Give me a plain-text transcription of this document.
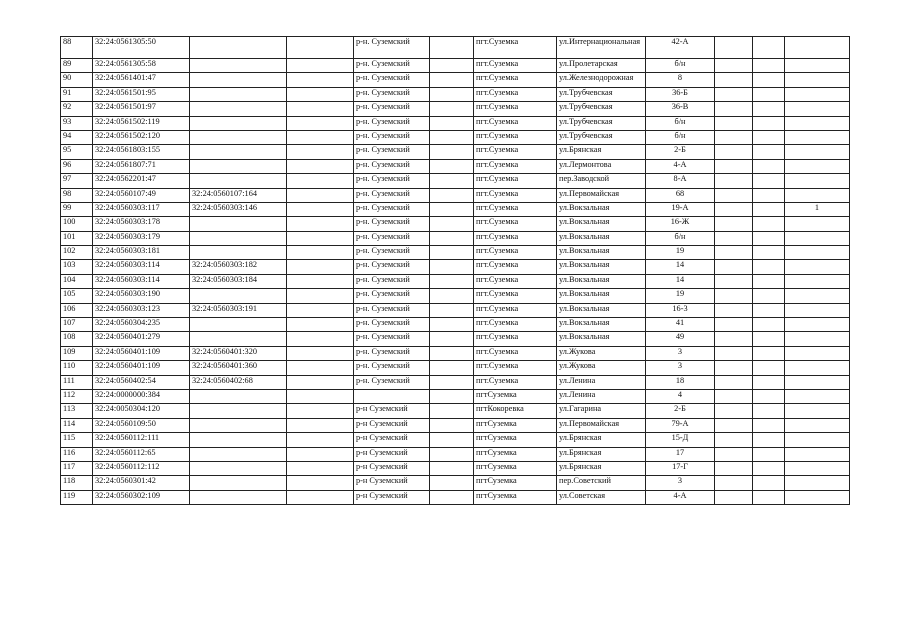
88	32:24:0561305:50			р-н. Суземский		пгт.Суземка	ул.Интернациональная	42-А			
89	32:24:0561305:58			р-н. Суземский		пгт.Суземка	ул.Пролетарская	б/н			
90	32:24:0561401:47			р-н. Суземский		пгт.Суземка	ул.Железнодорожная	8			
91	32:24:0561501:95			р-н. Суземский		пгт.Суземка	ул.Трубчевская	36-Б			
92	32:24:0561501:97			р-н. Суземский		пгт.Суземка	ул.Трубчевская	36-В			
93	32:24:0561502:119			р-н. Суземский		пгт.Суземка	ул.Трубчевская	б/н			
94	32:24:0561502:120			р-н. Суземский		пгт.Суземка	ул.Трубчевская	б/н			
95	32:24:0561803:155			р-н. Суземский		пгт.Суземка	ул.Брянская	2-Б			
96	32:24:0561807:71			р-н. Суземский		пгт.Суземка	ул.Лермонтова	4-А			
97	32:24:0562201:47			р-н. Суземский		пгт.Суземка	пер.Заводской	8-А			
98	32:24:0560107:49	32:24:0560107:164		р-н. Суземский		пгт.Суземка	ул.Первомайская	68			
99	32:24:0560303:117	32:24:0560303:146		р-н. Суземский		пгт.Суземка	ул.Вокзальная	19-А			1
100	32:24:0560303:178			р-н. Суземский		пгт.Суземка	ул.Вокзальная	16-Ж			
101	32:24:0560303:179			р-н. Суземский		пгт.Суземка	ул.Вокзальная	б/н			
102	32:24:0560303:181			р-н. Суземский		пгт.Суземка	ул.Вокзальная	19			
103	32:24:0560303:114	32:24:0560303:182		р-н. Суземский		пгт.Суземка	ул.Вокзальная	14			
104	32:24:0560303:114	32:24:0560303:184		р-н. Суземский		пгт.Суземка	ул.Вокзальная	14			
105	32:24:0560303:190			р-н. Суземский		пгт.Суземка	ул.Вокзальная	19			
106	32:24:0560303:123	32:24:0560303:191		р-н. Суземский		пгт.Суземка	ул.Вокзальная	16-3			
107	32:24:0560304:235			р-н. Суземский		пгт.Суземка	ул.Вокзальная	41			
108	32:24:0560401:279			р-н. Суземский		пгт.Суземка	ул.Вокзальная	49			
109	32:24:0560401:109	32:24:0560401:320		р-н. Суземский		пгт.Суземка	ул.Жукова	3			
110	32:24:0560401:109	32:24:0560401:360		р-н. Суземский		пгт.Суземка	ул.Жукова	3			
111	32:24:0560402:54	32:24:0560402:68		р-н. Суземский		пгт.Суземка	ул.Ленина	18			
112	32:24:0000000:384					пгтСуземка	ул.Ленина	4			
113	32:24:0050304:120			р-н Суземский		пгтКокоревка	ул.Гагарина	2-Б			
114	32:24:0560109:50			р-н Суземский		пгтСуземка	ул.Первомайская	79-А			
115	32:24:0560112:111			р-н Суземский		пгтСуземка	ул.Брянская	15-Д			
116	32:24:0560112:65			р-н Суземский		пгтСуземка	ул.Брянская	17			
117	32:24:0560112:112			р-н Суземский		пгтСуземка	ул.Брянская	17-Г			
118	32:24:0560301:42			р-н Суземский		пгтСуземка	пер.Советский	3			
119	32:24:0560302:109			р-н Суземский		пгтСуземка	ул.Советская	4-А			
